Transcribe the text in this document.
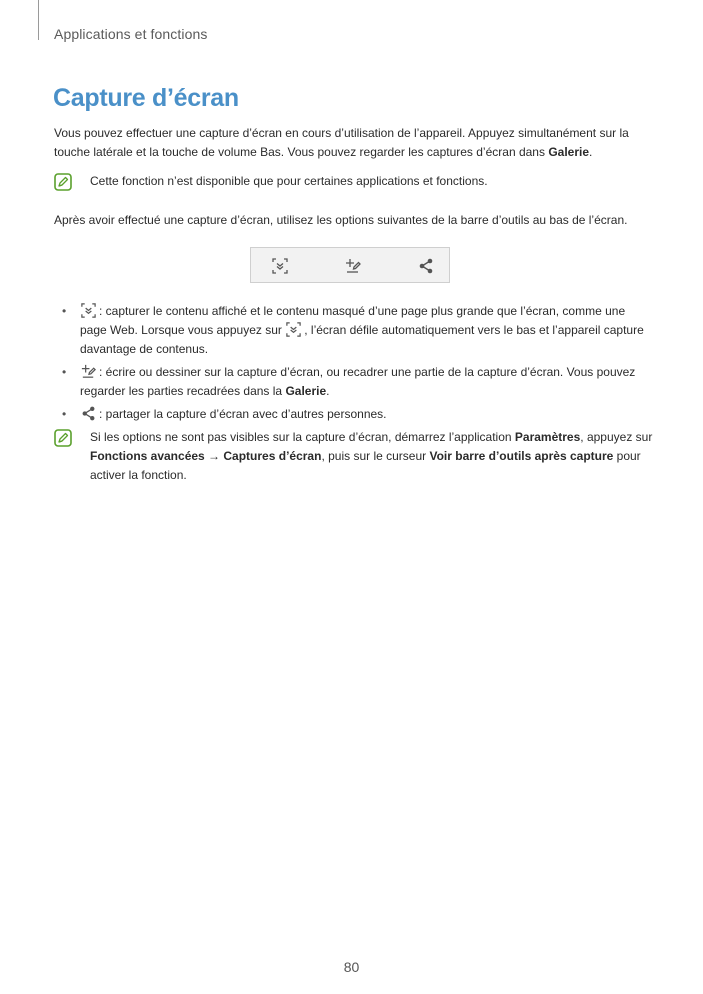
Applications et fonctions
Capture d’écran

Vous pouvez effectuer une capture d’écran en cours d’utilisation de l’appareil. Appuyez simultanément sur la touche latérale et la touche de volume Bas. Vous pouvez regarder les captures d’écran dans Galerie.

Cette fonction n’est disponible que pour certaines applications et fonctions.

Après avoir effectué une capture d’écran, utilisez les options suivantes de la barre d’outils au bas de l’écran.

•	: capturer le contenu affiché et le contenu masqué d’une page plus grande que l’écran, comme une page Web. Lorsque vous appuyez sur , l’écran défile automatiquement vers le bas et l’appareil capture davantage de contenus.
•	: écrire ou dessiner sur la capture d’écran, ou recadrer une partie de la capture d’écran. Vous pouvez regarder les parties recadrées dans la Galerie.
•	: partager la capture d’écran avec d’autres personnes.

Si les options ne sont pas visibles sur la capture d’écran, démarrez l’application Paramètres, appuyez sur Fonctions avancées → Captures d’écran, puis sur le curseur Voir barre d’outils après capture pour activer la fonction.

80
